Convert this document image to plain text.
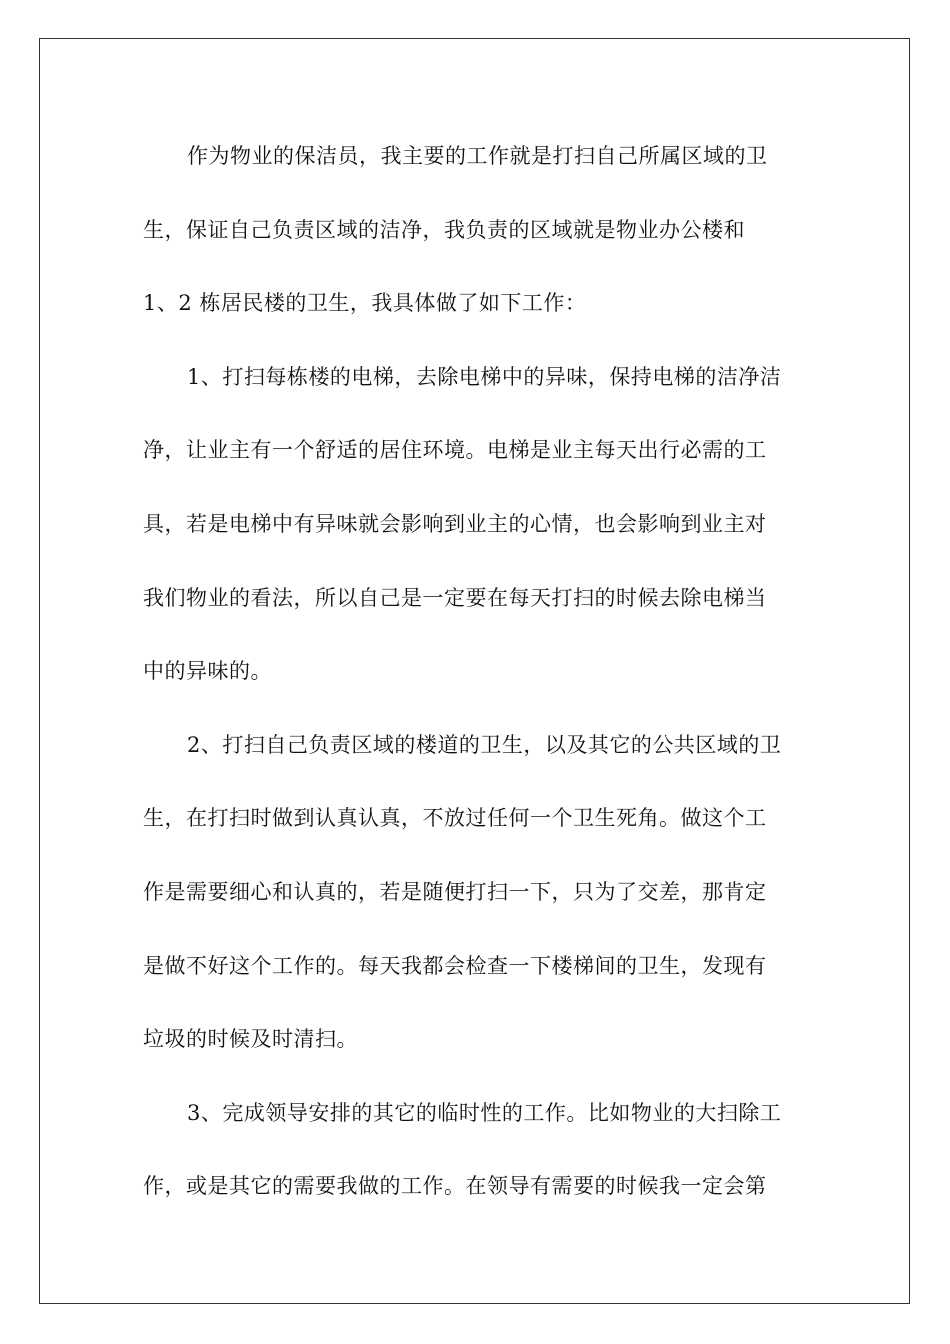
作为物业的保洁员，我主要的工作就是打扫自己所属区域的卫
生，保证自己负责区域的洁净，我负责的区域就是物业办公楼和
1、2 栋居民楼的卫生，我具体做了如下工作：
1、打扫每栋楼的电梯，去除电梯中的异味，保持电梯的洁净洁
净，让业主有一个舒适的居住环境。电梯是业主每天出行必需的工
具，若是电梯中有异味就会影响到业主的心情，也会影响到业主对
我们物业的看法，所以自己是一定要在每天打扫的时候去除电梯当
中的异味的。
2、打扫自己负责区域的楼道的卫生，以及其它的公共区域的卫
生，在打扫时做到认真认真，不放过任何一个卫生死角。做这个工
作是需要细心和认真的，若是随便打扫一下，只为了交差，那肯定
是做不好这个工作的。每天我都会检查一下楼梯间的卫生，发现有
垃圾的时候及时清扫。
3、完成领导安排的其它的临时性的工作。比如物业的大扫除工
作，或是其它的需要我做的工作。在领导有需要的时候我一定会第
